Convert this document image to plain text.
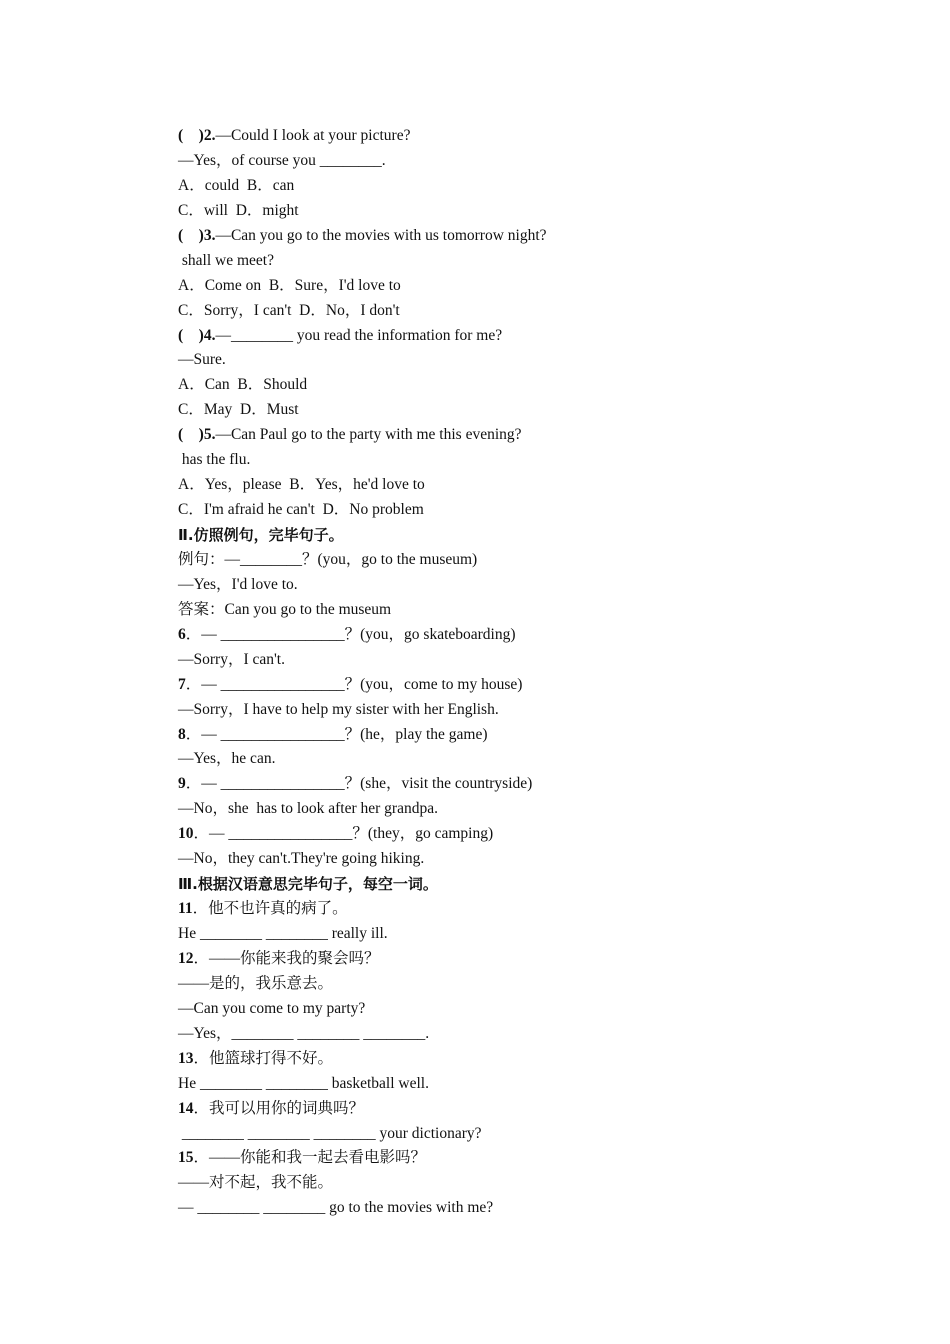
(　)2.—Could I look at your picture?
—Yes，of course you ________.
A．could  B．can
C．will  D．might
(　)3.—Can you go to the movies with us tomorrow night?
shall we meet?
A．Come on  B．Sure，I'd love to
C．Sorry，I can't  D．No，I don't
(　)4.—________ you read the information for me?
—Sure.
A．Can  B．Should
C．May  D．Must
(　)5.—Can Paul go to the party with me this evening?
has the flu.
A．Yes，please  B．Yes，he'd love to
C．I'm afraid he can't  D．No problem
Ⅱ.仿照例句，完毕句子。
例句：—________？(you，go to the museum)
—Yes，I'd love to.
答案：Can you go to the museum
6．— ________________？(you，go skateboarding)
—Sorry，I can't.
7．— ________________？(you，come to my house)
—Sorry，I have to help my sister with her English.
8．— ________________？(he，play the game)
—Yes，he can.
9．— ________________？(she，visit the countryside)
—No，she  has to look after her grandpa.
10．— ________________？(they，go camping)
—No，they can't.They're going hiking.
Ⅲ.根据汉语意思完毕句子，每空一词。
11．他不也许真的病了。
He ________ ________ really ill.
12．——你能来我的聚会吗？
——是的，我乐意去。
—Can you come to my party?
—Yes，________ ________ ________.
13．他篮球打得不好。
He ________ ________ basketball well.
14．我可以用你的词典吗？
________ ________ ________ your dictionary?
15．——你能和我一起去看电影吗？
——对不起，我不能。
— ________ ________ go to the movies with me?
